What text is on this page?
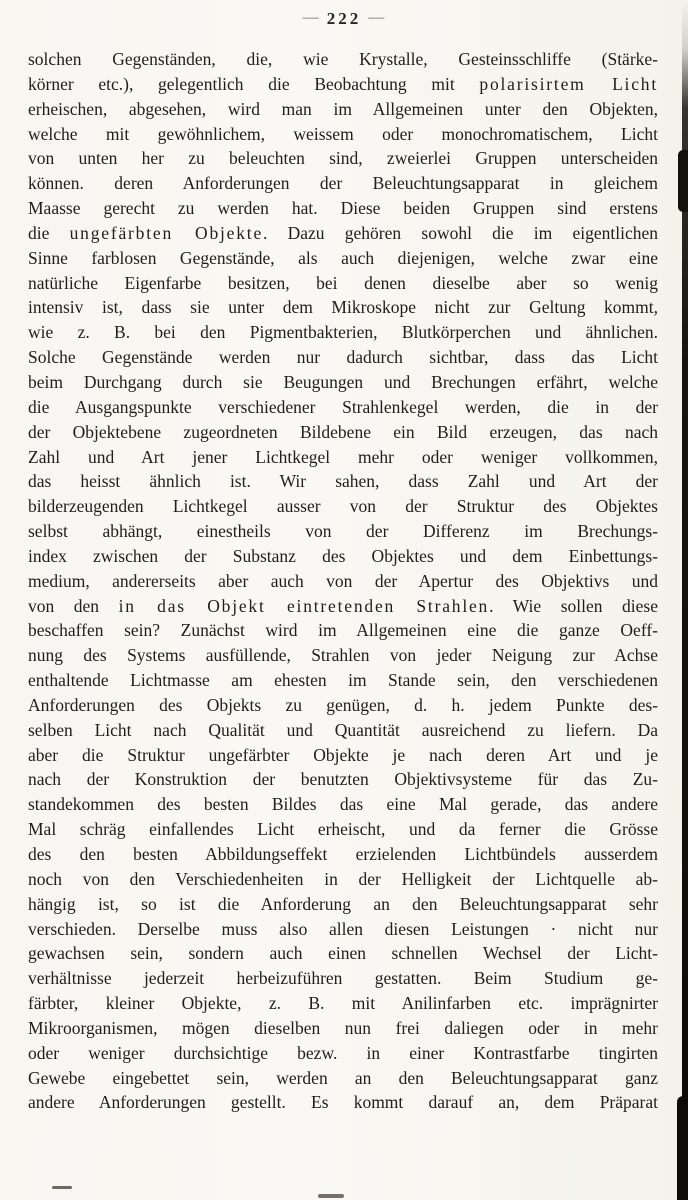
— 222 —
solchen Gegenständen, die, wie Krystalle, Gesteinsschliffe (Stärke-
körner etc.), gelegentlich die Beobachtung mit polarisirtem Licht
erheischen, abgesehen, wird man im Allgemeinen unter den Objekten,
welche mit gewöhnlichem, weissem oder monochromatischem, Licht
von unten her zu beleuchten sind, zweierlei Gruppen unterscheiden
können. deren Anforderungen der Beleuchtungsapparat in gleichem
Maasse gerecht zu werden hat. Diese beiden Gruppen sind erstens
die ungefärbten Objekte. Dazu gehören sowohl die im eigentlichen
Sinne farblosen Gegenstände, als auch diejenigen, welche zwar eine
natürliche Eigenfarbe besitzen, bei denen dieselbe aber so wenig
intensiv ist, dass sie unter dem Mikroskope nicht zur Geltung kommt,
wie z. B. bei den Pigmentbakterien, Blutkörperchen und ähnlichen.
Solche Gegenstände werden nur dadurch sichtbar, dass das Licht
beim Durchgang durch sie Beugungen und Brechungen erfährt, welche
die Ausgangspunkte verschiedener Strahlenkegel werden, die in der
der Objektebene zugeordneten Bildebene ein Bild erzeugen, das nach
Zahl und Art jener Lichtkegel mehr oder weniger vollkommen,
das heisst ähnlich ist. Wir sahen, dass Zahl und Art der
bilderzeugenden Lichtkegel ausser von der Struktur des Objektes
selbst abhängt, einestheils von der Differenz im Brechungs-
index zwischen der Substanz des Objektes und dem Einbettungs-
medium, andererseits aber auch von der Apertur des Objektivs und
von den in das Objekt eintretenden Strahlen. Wie sollen diese
beschaffen sein? Zunächst wird im Allgemeinen eine die ganze Oeff-
nung des Systems ausfüllende, Strahlen von jeder Neigung zur Achse
enthaltende Lichtmasse am ehesten im Stande sein, den verschiedenen
Anforderungen des Objekts zu genügen, d. h. jedem Punkte des-
selben Licht nach Qualität und Quantität ausreichend zu liefern. Da
aber die Struktur ungefärbter Objekte je nach deren Art und je
nach der Konstruktion der benutzten Objektivsysteme für das Zu-
standekommen des besten Bildes das eine Mal gerade, das andere
Mal schräg einfallendes Licht erheischt, und da ferner die Grösse
des den besten Abbildungseffekt erzielenden Lichtbündels ausserdem
noch von den Verschiedenheiten in der Helligkeit der Lichtquelle ab-
hängig ist, so ist die Anforderung an den Beleuchtungsapparat sehr
verschieden. Derselbe muss also allen diesen Leistungen · nicht nur
gewachsen sein, sondern auch einen schnellen Wechsel der Licht-
verhältnisse jederzeit herbeizuführen gestatten. Beim Studium ge-
färbter, kleiner Objekte, z. B. mit Anilinfarben etc. imprägnirter
Mikroorganismen, mögen dieselben nun frei daliegen oder in mehr
oder weniger durchsichtige bezw. in einer Kontrastfarbe tingirten
Gewebe eingebettet sein, werden an den Beleuchtungsapparat ganz
andere Anforderungen gestellt. Es kommt darauf an, dem Präparat
